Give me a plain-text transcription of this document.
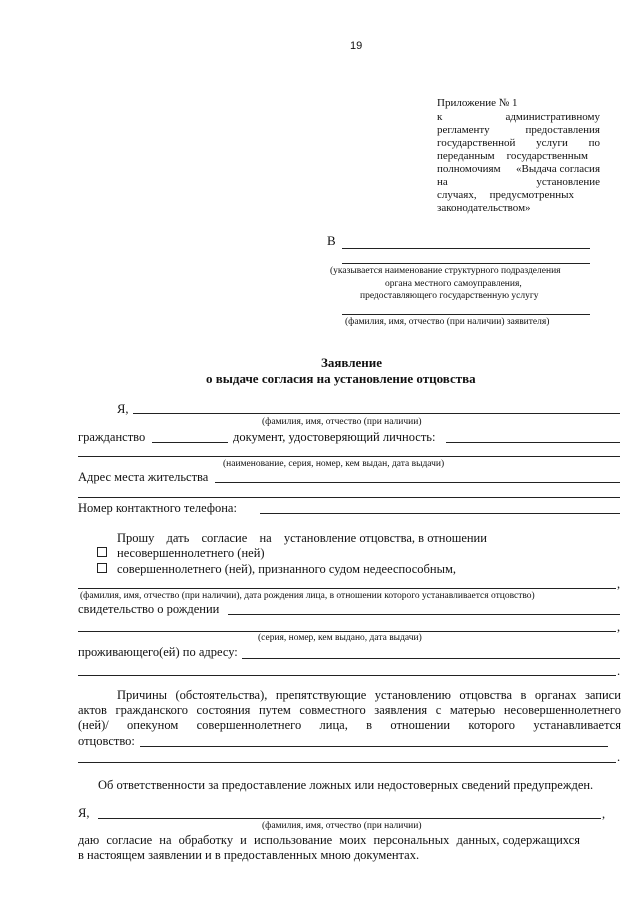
19
Приложение № 1
к	административному
регламенту	предоставления
государственной услуги по
переданным государственным
полномочиям «Выдача согласия
на	установление
случаях, предусмотренных
законодательством»
В
(указывается наименование структурного подразделения
органа местного самоуправления,
предоставляющего государственную услугу
(фамилия, имя, отчество (при наличии) заявителя)
Заявление
о выдаче согласия на установление отцовства
Я,
(фамилия, имя, отчество (при наличии)
гражданство	документ, удостоверяющий личность:
(наименование, серия, номер, кем выдан, дата выдачи)
Адрес места жительства
Номер контактного телефона:
Прошу дать согласие на установление отцовства, в отношении
несовершеннолетнего (ней)
совершеннолетнего (ней), признанного судом недееспособным,
,
(фамилия, имя, отчество (при наличии), дата рождения лица, в отношении которого устанавливается отцовство)
свидетельство о рождении
,
(серия, номер, кем выдано, дата выдачи)
проживающего(ей) по адресу:
.
Причины (обстоятельства), препятствующие установлению отцовства в органах записи
актов гражданского состояния путем совместного заявления с матерью несовершеннолетнего
(ней)/ опекуном совершеннолетнего лица, в отношении которого устанавливается
отцовство:
.
Об ответственности за предоставление ложных или недостоверных сведений предупрежден.
Я,	,
(фамилия, имя, отчество (при наличии)
даю согласие на обработку и использование моих персональных данных, содержащихся
в настоящем заявлении и в предоставленных мною документах.
